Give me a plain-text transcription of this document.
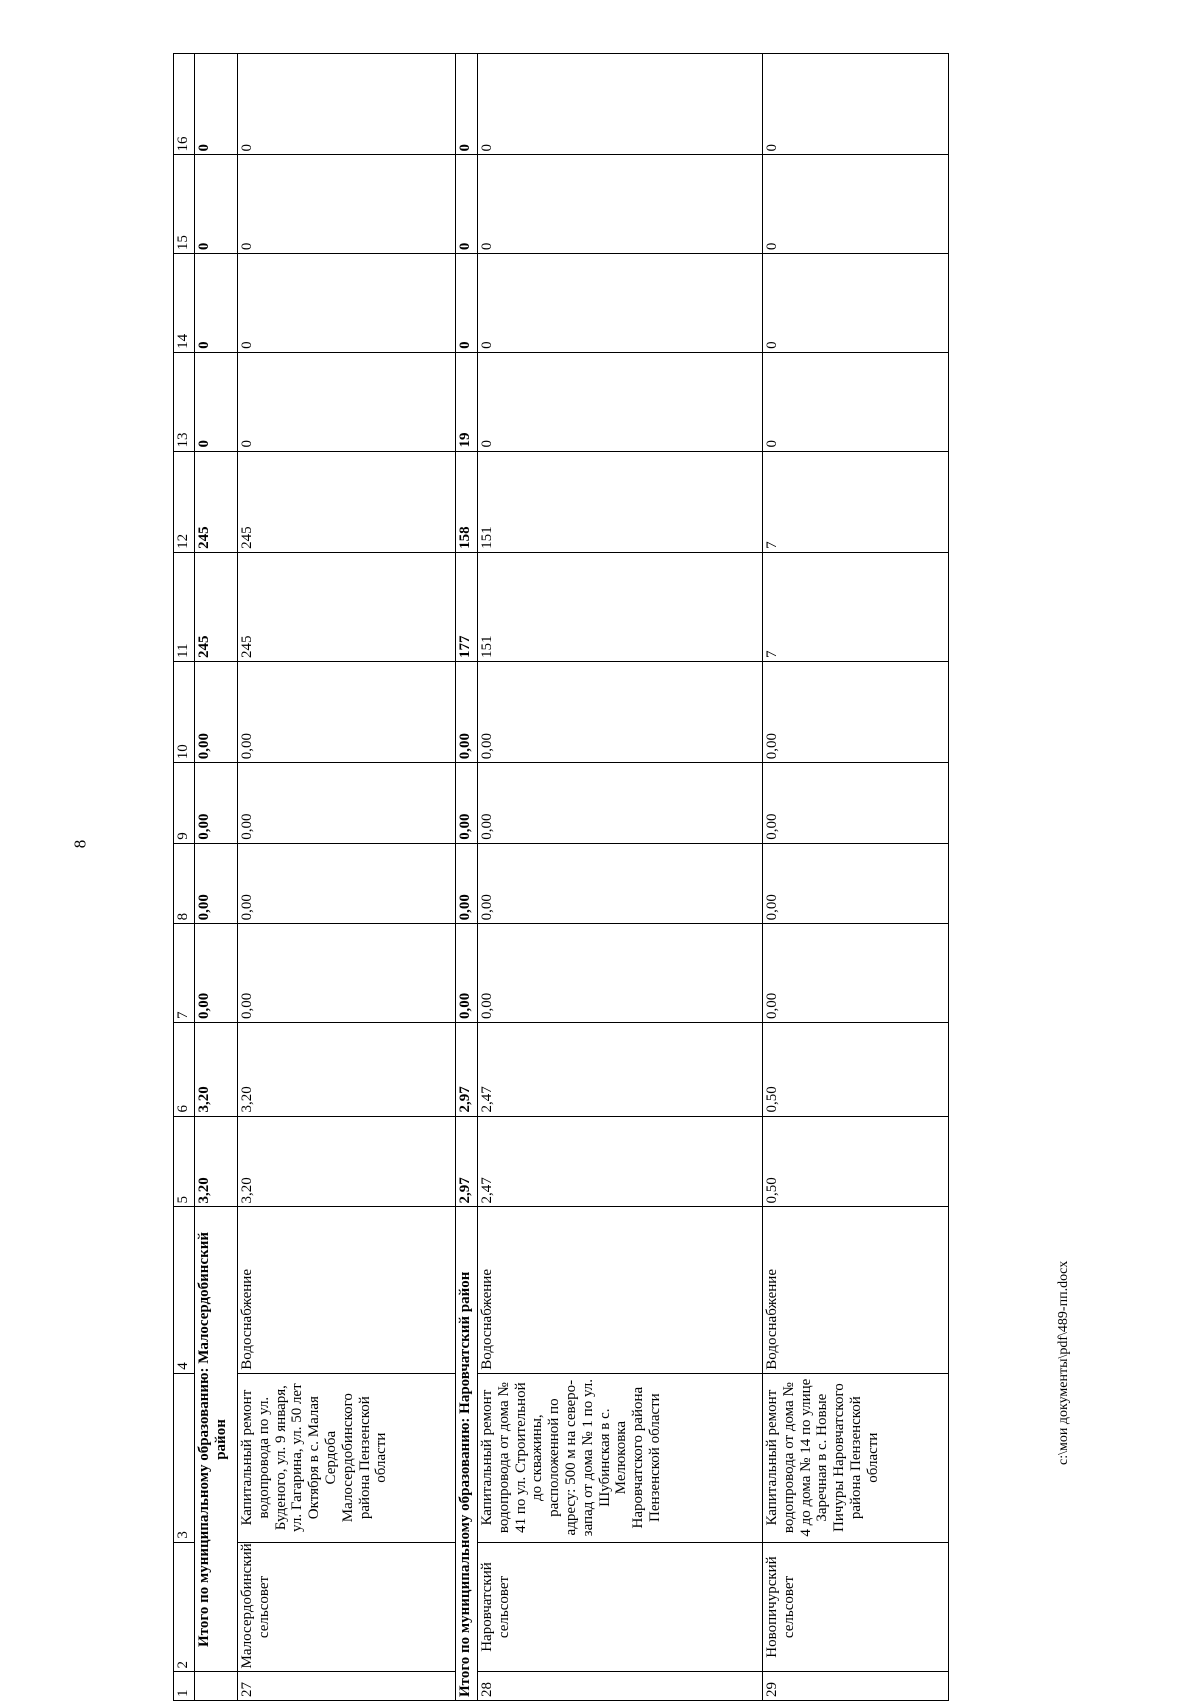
8
1	2	3	4	5	6	7	8	9	10	11	12	13	14	15	16
	Итого по муниципальному образованию: Малосердобинский район			3,20	3,20	0,00	0,00	0,00	0,00	245	245	0	0	0	0
27	Малосердобинский сельсовет	Капитальный ремонт водопровода по ул. Буденого, ул. 9 января, ул. Гагарина, ул. 50 лет Октября в с. Малая Сердоба Малосердобинского района Пензенской области	Водоснабжение	3,20	3,20	0,00	0,00	0,00	0,00	245	245	0	0	0	0
Итого по муниципальному образованию: Наровчатский район				2,97	2,97	0,00	0,00	0,00	0,00	177	158	19	0	0	0
28	Наровчатский сельсовет	Капитальный ремонт водопровода от дома № 41 по ул. Строительной до скважины, расположенной по адресу: 500 м на северо-запад от дома № 1 по ул. Шубинская в с. Мелюковка Наровчатского района Пензенской области	Водоснабжение	2,47	2,47	0,00	0,00	0,00	0,00	151	151	0	0	0	0
29	Новопичурский сельсовет	Капитальный ремонт водопровода от дома № 4 до дома № 14 по улице Заречная в с. Новые Пичуры Наровчатского района Пензенской области	Водоснабжение	0,50	0,50	0,00	0,00	0,00	0,00	7	7	0	0	0	0
c:\мои документы\pdf\489-пп.docx
